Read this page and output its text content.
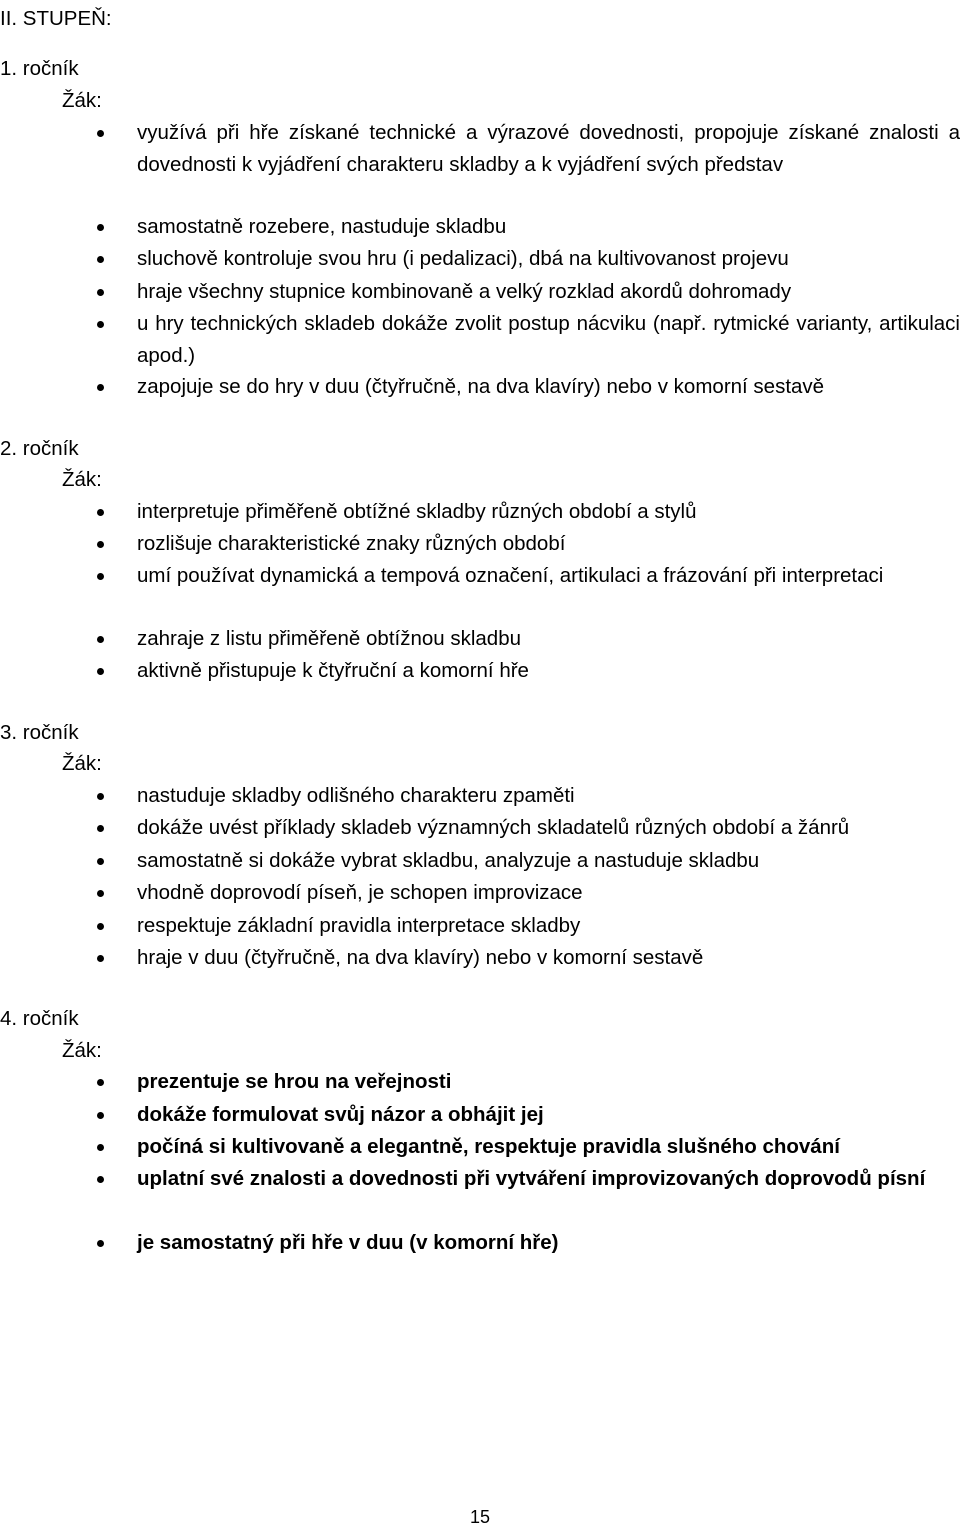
II. STUPEŇ:
1. ročník
Žák:
využívá při hře získané technické a výrazové dovednosti, propojuje získané znalosti a dovednosti k vyjádření charakteru skladby a k vyjádření svých představ
samostatně rozebere, nastuduje skladbu
sluchově kontroluje svou hru (i pedalizaci), dbá na kultivovanost projevu
hraje všechny stupnice kombinovaně a velký rozklad akordů dohromady
u hry technických skladeb dokáže zvolit postup nácviku (např. rytmické varianty, artikulaci apod.)
zapojuje se do hry v duu (čtyřručně, na dva klavíry) nebo v komorní sestavě
2. ročník
Žák:
interpretuje přiměřeně obtížné skladby různých období a stylů
rozlišuje charakteristické znaky různých období
umí používat dynamická a tempová označení, artikulaci a frázování při interpretaci
zahraje z listu přiměřeně obtížnou skladbu
aktivně přistupuje k čtyřruční a komorní hře
3. ročník
Žák:
nastuduje skladby odlišného charakteru zpaměti
dokáže uvést příklady skladeb významných skladatelů různých období a žánrů
samostatně si dokáže vybrat skladbu, analyzuje a nastuduje skladbu
vhodně doprovodí píseň, je schopen improvizace
respektuje základní pravidla interpretace skladby
hraje v duu (čtyřručně, na dva klavíry) nebo v komorní sestavě
4. ročník
Žák:
prezentuje se hrou na veřejnosti
dokáže formulovat svůj názor a obhájit jej
počíná si kultivovaně a elegantně, respektuje pravidla slušného chování
uplatní své znalosti a dovednosti při vytváření improvizovaných doprovodů písní
je samostatný při hře v duu (v komorní hře)
15
